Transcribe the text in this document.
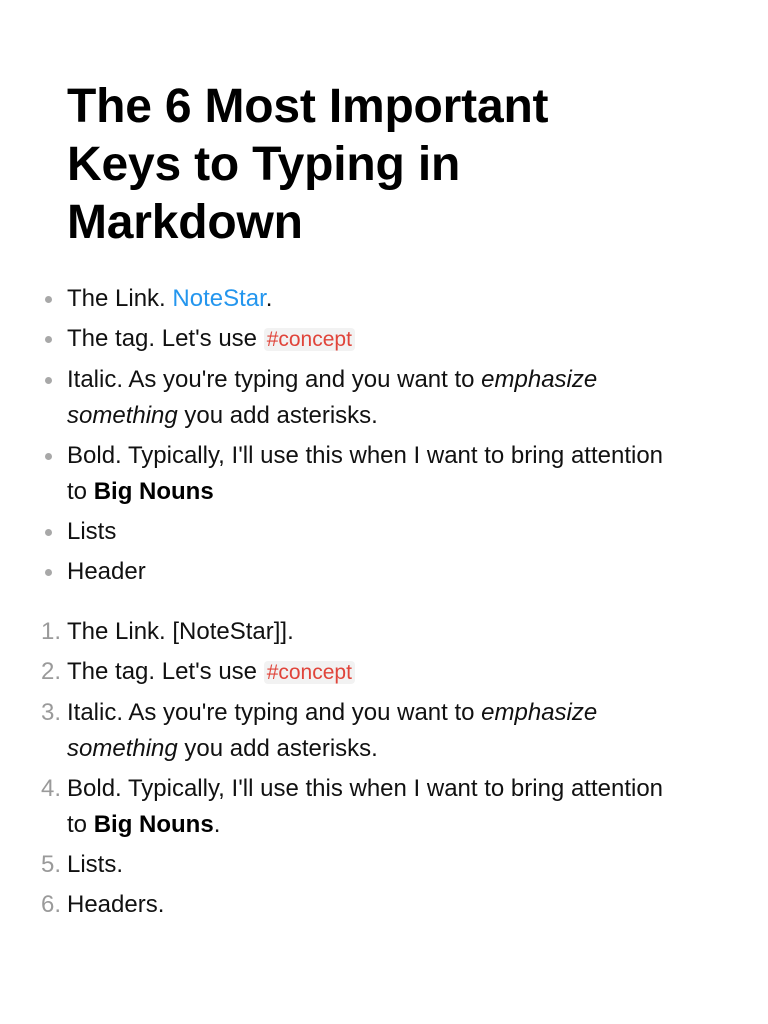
The 6 Most Important Keys to Typing in Markdown
The Link. NoteStar.
The tag. Let's use #concept
Italic. As you're typing and you want to emphasize something you add asterisks.
Bold. Typically, I'll use this when I want to bring attention to Big Nouns
Lists
Header
1. The Link. [NoteStar]].
2. The tag. Let's use #concept
3. Italic. As you're typing and you want to emphasize something you add asterisks.
4. Bold. Typically, I'll use this when I want to bring attention to Big Nouns.
5. Lists.
6. Headers.
